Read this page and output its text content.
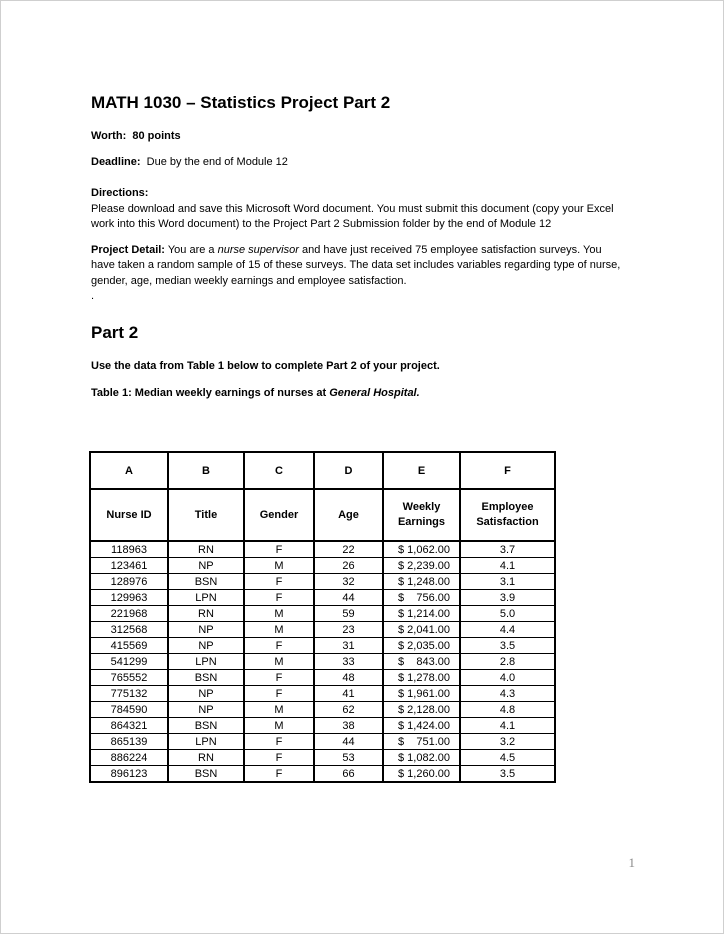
MATH 1030 – Statistics Project Part 2

Worth: 80 points

Deadline: Due by the end of Module 12

Directions:

Please download and save this Microsoft Word document. You must submit this document (copy your Excel work into this Word document) to the Project Part 2 Submission folder by the end of Module 12

Project Detail: You are a nurse supervisor and have just received 75 employee satisfaction surveys. You have taken a random sample of 15 of these surveys. The data set includes variables regarding type of nurse, gender, age, median weekly earnings and employee satisfaction.

.

Part 2

Use the data from Table 1 below to complete Part 2 of your project.

Table 1: Median weekly earnings of nurses at General Hospital.

A	B	C	D	E	F
Nurse ID	Title	Gender	Age	Weekly Earnings	Employee Satisfaction
118963	RN	F	22	$ 1,062.00	3.7
123461	NP	M	26	$ 2,239.00	4.1
128976	BSN	F	32	$ 1,248.00	3.1
129963	LPN	F	44	$    756.00	3.9
221968	RN	M	59	$ 1,214.00	5.0
312568	NP	M	23	$ 2,041.00	4.4
415569	NP	F	31	$ 2,035.00	3.5
541299	LPN	M	33	$    843.00	2.8
765552	BSN	F	48	$ 1,278.00	4.0
775132	NP	F	41	$ 1,961.00	4.3
784590	NP	M	62	$ 2,128.00	4.8
864321	BSN	M	38	$ 1,424.00	4.1
865139	LPN	F	44	$    751.00	3.2
886224	RN	F	53	$ 1,082.00	4.5
896123	BSN	F	66	$ 1,260.00	3.5
1
